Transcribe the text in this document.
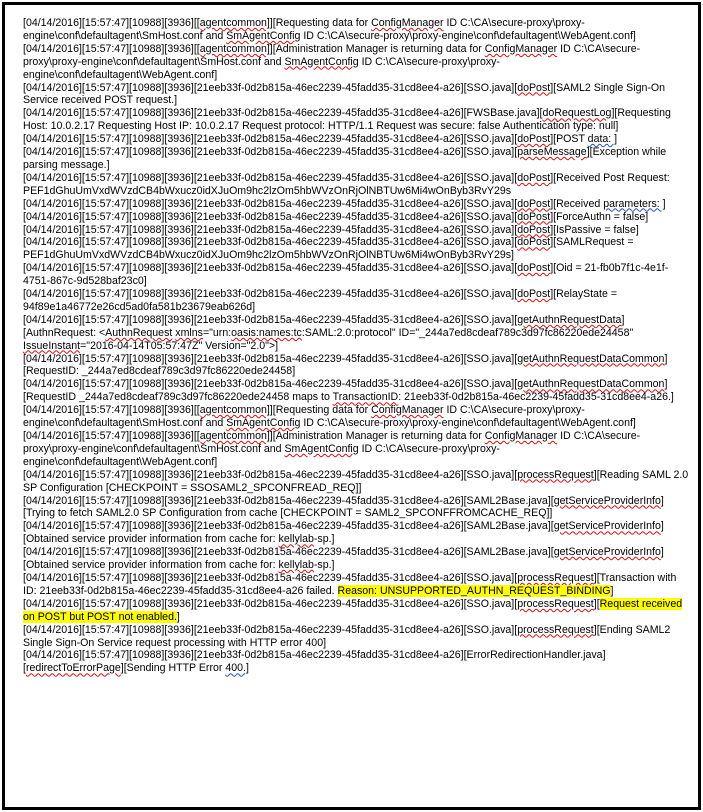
[04/14/2016][15:57:47][10988][3936][[agentcommon]][Requesting data for ConfigManager ID C:\CA\secure-proxy\proxy-engine\conf\defaultagent\SmHost.conf and SmAgentConfig ID C:\CA\secure-proxy\proxy-engine\conf\defaultagent\WebAgent.conf]

[04/14/2016][15:57:47][10988][3936][[agentcommon]][Administration Manager is returning data for ConfigManager ID C:\CA\secure-proxy\proxy-engine\conf\defaultagent\SmHost.conf and SmAgentConfig ID C:\CA\secure-proxy\proxy-engine\conf\defaultagent\WebAgent.conf]

[04/14/2016][15:57:47][10988][3936][21eeb33f-0d2b815a-46ec2239-45fadd35-31cd8ee4-a26][SSO.java][doPost][SAML2 Single Sign-On Service received POST request.]

[04/14/2016][15:57:47][10988][3936][21eeb33f-0d2b815a-46ec2239-45fadd35-31cd8ee4-a26][FWSBase.java][doRequestLog][Requesting Host: 10.0.2.17 Requesting Host IP: 10.0.2.17 Request protocol: HTTP/1.1 Request was secure: false Authentication type: null]

[04/14/2016][15:57:47][10988][3936][21eeb33f-0d2b815a-46ec2239-45fadd35-31cd8ee4-a26][SSO.java][doPost][POST data: ]

[04/14/2016][15:57:47][10988][3936][21eeb33f-0d2b815a-46ec2239-45fadd35-31cd8ee4-a26][SSO.java][parseMessage][Exception while parsing message.]

[04/14/2016][15:57:47][10988][3936][21eeb33f-0d2b815a-46ec2239-45fadd35-31cd8ee4-a26][SSO.java][doPost][Received Post Request: PEF1dGhuUmVxdWVzdCB4bWxucz0idXJuOm9hc2lzOm5hbWVzOnRjOlNBTUw6Mi4wOnByb3RvY29s

[04/14/2016][15:57:47][10988][3936][21eeb33f-0d2b815a-46ec2239-45fadd35-31cd8ee4-a26][SSO.java][doPost][Received parameters: ]

[04/14/2016][15:57:47][10988][3936][21eeb33f-0d2b815a-46ec2239-45fadd35-31cd8ee4-a26][SSO.java][doPost][ForceAuthn = false]

[04/14/2016][15:57:47][10988][3936][21eeb33f-0d2b815a-46ec2239-45fadd35-31cd8ee4-a26][SSO.java][doPost][IsPassive = false]

[04/14/2016][15:57:47][10988][3936][21eeb33f-0d2b815a-46ec2239-45fadd35-31cd8ee4-a26][SSO.java][doPost][SAMLRequest = PEF1dGhuUmVxdWVzdCB4bWxucz0idXJuOm9hc2lzOm5hbWVzOnRjOlNBTUw6Mi4wOnByb3RvY29s]

[04/14/2016][15:57:47][10988][3936][21eeb33f-0d2b815a-46ec2239-45fadd35-31cd8ee4-a26][SSO.java][doPost][Oid = 21-fb0b7f1c-4e1f-4751-867c-9d528baf23c0]

[04/14/2016][15:57:47][10988][3936][21eeb33f-0d2b815a-46ec2239-45fadd35-31cd8ee4-a26][SSO.java][doPost][RelayState = 94f89e1a46772e26cd5ad0fa581b23679eab626d]

[04/14/2016][15:57:47][10988][3936][21eeb33f-0d2b815a-46ec2239-45fadd35-31cd8ee4-a26][SSO.java][getAuthnRequestData][AuthnRequest: <AuthnRequest xmlns="urn:oasis:names:tc:SAML:2.0:protocol" ID="_244a7ed8cdeaf789c3d97fc86220ede24458" IssueInstant="2016-04-14T05:57:47Z" Version="2.0">]

[04/14/2016][15:57:47][10988][3936][21eeb33f-0d2b815a-46ec2239-45fadd35-31cd8ee4-a26][SSO.java][getAuthnRequestDataCommon][RequestID: _244a7ed8cdeaf789c3d97fc86220ede24458]

[04/14/2016][15:57:47][10988][3936][21eeb33f-0d2b815a-46ec2239-45fadd35-31cd8ee4-a26][SSO.java][getAuthnRequestDataCommon][RequestID _244a7ed8cdeaf789c3d97fc86220ede24458 maps to TransactionID: 21eeb33f-0d2b815a-46ec2239-45fadd35-31cd8ee4-a26.]

[04/14/2016][15:57:47][10988][3936][[agentcommon]][Requesting data for ConfigManager ID C:\CA\secure-proxy\proxy-engine\conf\defaultagent\SmHost.conf and SmAgentConfig ID C:\CA\secure-proxy\proxy-engine\conf\defaultagent\WebAgent.conf]

[04/14/2016][15:57:47][10988][3936][[agentcommon]][Administration Manager is returning data for ConfigManager ID C:\CA\secure-proxy\proxy-engine\conf\defaultagent\SmHost.conf and SmAgentConfig ID C:\CA\secure-proxy\proxy-engine\conf\defaultagent\WebAgent.conf]

[04/14/2016][15:57:47][10988][3936][21eeb33f-0d2b815a-46ec2239-45fadd35-31cd8ee4-a26][SSO.java][processRequest][Reading SAML 2.0 SP Configuration [CHECKPOINT = SSOSAML2_SPCONFREAD_REQ]]

[04/14/2016][15:57:47][10988][3936][21eeb33f-0d2b815a-46ec2239-45fadd35-31cd8ee4-a26][SAML2Base.java][getServiceProviderInfo][Trying to fetch SAML2.0 SP Configuration from cache [CHECKPOINT = SAML2_SPCONFFROMCACHE_REQ]]

[04/14/2016][15:57:47][10988][3936][21eeb33f-0d2b815a-46ec2239-45fadd35-31cd8ee4-a26][SAML2Base.java][getServiceProviderInfo][Obtained service provider information from cache for: kellylab-sp.]

[04/14/2016][15:57:47][10988][3936][21eeb33f-0d2b815a-46ec2239-45fadd35-31cd8ee4-a26][SAML2Base.java][getServiceProviderInfo][Obtained service provider information from cache for: kellylab-sp.]

[04/14/2016][15:57:47][10988][3936][21eeb33f-0d2b815a-46ec2239-45fadd35-31cd8ee4-a26][SSO.java][processRequest][Transaction with ID: 21eeb33f-0d2b815a-46ec2239-45fadd35-31cd8ee4-a26 failed. Reason: UNSUPPORTED_AUTHN_REQUEST_BINDING]

[04/14/2016][15:57:47][10988][3936][21eeb33f-0d2b815a-46ec2239-45fadd35-31cd8ee4-a26][SSO.java][processRequest][Request received on POST but POST not enabled.]

[04/14/2016][15:57:47][10988][3936][21eeb33f-0d2b815a-46ec2239-45fadd35-31cd8ee4-a26][SSO.java][processRequest][Ending SAML2 Single Sign-On Service request processing with HTTP error 400]

[04/14/2016][15:57:47][10988][3936][21eeb33f-0d2b815a-46ec2239-45fadd35-31cd8ee4-a26][ErrorRedirectionHandler.java][redirectToErrorPage][Sending HTTP Error 400.]
